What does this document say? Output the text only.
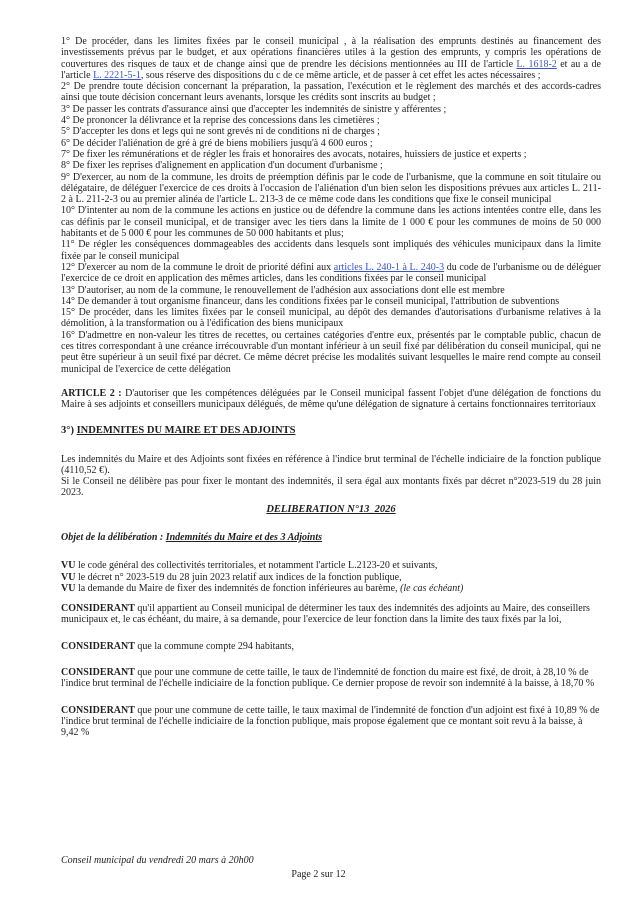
1° De procéder, dans les limites fixées par le conseil municipal , à la réalisation des emprunts destinés au financement des investissements prévus par le budget, et aux opérations financières utiles à la gestion des emprunts, y compris les opérations de couvertures des risques de taux et de change ainsi que de prendre les décisions mentionnées au III de l'article L. 1618-2 et au a de l'article L. 2221-5-1, sous réserve des dispositions du c de ce même article, et de passer à cet effet les actes nécessaires ;

2° De prendre toute décision concernant la préparation, la passation, l'exécution et le règlement des marchés et des accords-cadres ainsi que toute décision concernant leurs avenants, lorsque les crédits sont inscrits au budget ;

3° De passer les contrats d'assurance ainsi que d'accepter les indemnités de sinistre y afférentes ;

4° De prononcer la délivrance et la reprise des concessions dans les cimetières ;

5° D'accepter les dons et legs qui ne sont grevés ni de conditions ni de charges ;

6° De décider l'aliénation de gré à gré de biens mobiliers jusqu'à 4 600 euros ;

7° De fixer les rémunérations et de régler les frais et honoraires des avocats, notaires, huissiers de justice et experts ;

8° De fixer les reprises d'alignement en application d'un document d'urbanisme ;

9° D'exercer, au nom de la commune, les droits de préemption définis par le code de l'urbanisme, que la commune en soit titulaire ou délégataire, de déléguer l'exercice de ces droits à l'occasion de l'aliénation d'un bien selon les dispositions prévues aux articles L. 211-2 à L. 211-2-3 ou au premier alinéa de l'article L. 213-3 de ce même code dans les conditions que fixe le conseil municipal

10° D'intenter au nom de la commune les actions en justice ou de défendre la commune dans les actions intentées contre elle, dans les cas définis par le conseil municipal, et de transiger avec les tiers dans la limite de 1 000 € pour les communes de moins de 50 000 habitants et de 5 000 € pour les communes de 50 000 habitants et plus;

11° De régler les conséquences dommageables des accidents dans lesquels sont impliqués des véhicules municipaux dans la limite fixée par le conseil municipal

12° D'exercer au nom de la commune le droit de priorité défini aux articles L. 240-1 à L. 240-3 du code de l'urbanisme ou de déléguer l'exercice de ce droit en application des mêmes articles, dans les conditions fixées par le conseil municipal

13° D'autoriser, au nom de la commune, le renouvellement de l'adhésion aux associations dont elle est membre

14° De demander à tout organisme financeur, dans les conditions fixées par le conseil municipal, l'attribution de subventions

15° De procéder, dans les limites fixées par le conseil municipal, au dépôt des demandes d'autorisations d'urbanisme relatives à la démolition, à la transformation ou à l'édification des biens municipaux

16° D'admettre en non-valeur les titres de recettes, ou certaines catégories d'entre eux, présentés par le comptable public, chacun de ces titres correspondant à une créance irrécouvrable d'un montant inférieur à un seuil fixé par délibération du conseil municipal, qui ne peut être supérieur à un seuil fixé par décret. Ce même décret précise les modalités suivant lesquelles le maire rend compte au conseil municipal de l'exercice de cette délégation

ARTICLE 2 : D'autoriser que les compétences déléguées par le Conseil municipal fassent l'objet d'une délégation de fonctions du Maire à ses adjoints et conseillers municipaux délégués, de même qu'une délégation de signature à certains fonctionnaires territoriaux

3°) INDEMNITES DU MAIRE ET DES ADJOINTS

Les indemnités du Maire et des Adjoints sont fixées en référence à l'indice brut terminal de l'échelle indiciaire de la fonction publique (4110,52 €).

Si le Conseil ne délibère pas pour fixer le montant des indemnités, il sera égal aux montants fixés par décret n°2023-519 du 28 juin 2023.

DELIBERATION N°13_2026

Objet de la délibération : Indemnités du Maire et des 3 Adjoints

VU le code général des collectivités territoriales, et notamment l'article L.2123-20 et suivants,

VU le décret n° 2023-519 du 28 juin 2023 relatif aux indices de la fonction publique,

VU la demande du Maire de fixer des indemnités de fonction inférieures au barème, (le cas échéant)

CONSIDERANT qu'il appartient au Conseil municipal de déterminer les taux des indemnités des adjoints au Maire, des conseillers municipaux et, le cas échéant, du maire, à sa demande, pour l'exercice de leur fonction dans la limite des taux fixés par la loi,

CONSIDERANT que la commune compte 294 habitants,

CONSIDERANT que pour une commune de cette taille, le taux de l'indemnité de fonction du maire est fixé, de droit, à 28,10 % de l'indice brut terminal de l'échelle indiciaire de la fonction publique. Ce dernier propose de revoir son indemnité à la baisse, à 18,70 %

CONSIDERANT que pour une commune de cette taille, le taux maximal de l'indemnité de fonction d'un adjoint est fixé à 10,89 % de l'indice brut terminal de l'échelle indiciaire de la fonction publique, mais propose également que ce montant soit revu à la baisse, à 9,42 %

Conseil municipal du vendredi 20 mars à 20h00
Page 2 sur 12
